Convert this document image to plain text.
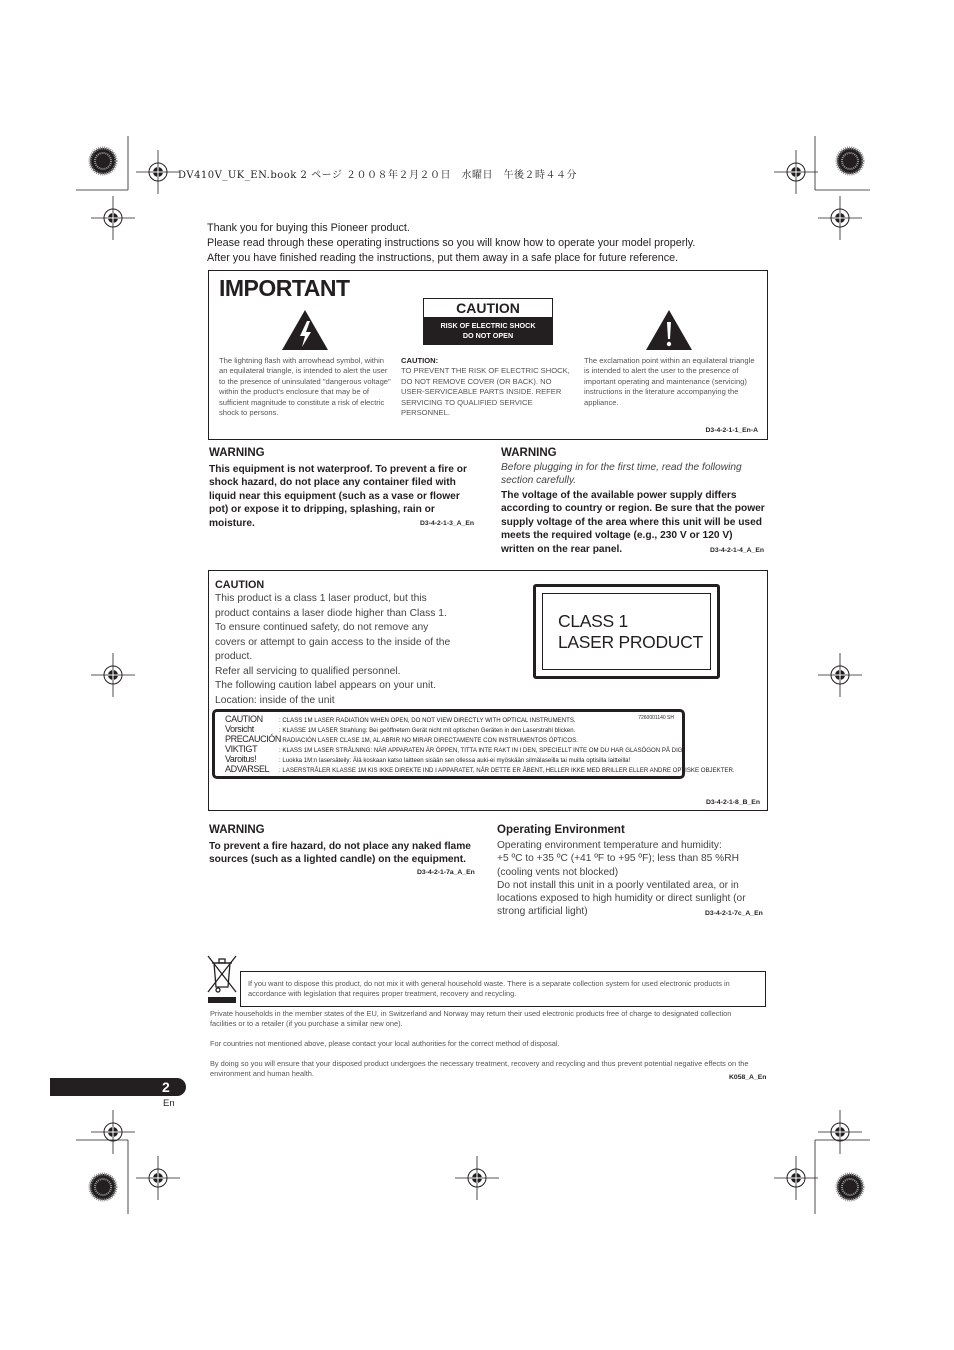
DV410V_UK_EN.book 2 ページ ２００８年２月２０日　水曜日　午後２時４４分
Thank you for buying this Pioneer product.
Please read through these operating instructions so you will know how to operate your model properly.
After you have finished reading the instructions, put them away in a safe place for future reference.
IMPORTANT
CAUTION
RISK OF ELECTRIC SHOCK
DO NOT OPEN
The lightning flash with arrowhead symbol, within an equilateral triangle, is intended to alert the user to the presence of uninsulated "dangerous voltage" within the product's enclosure that may be of sufficient magnitude to constitute a risk of electric shock to persons.
CAUTION:
TO PREVENT THE RISK OF ELECTRIC SHOCK, DO NOT REMOVE COVER (OR BACK). NO USER-SERVICEABLE PARTS INSIDE. REFER SERVICING TO QUALIFIED SERVICE PERSONNEL.
The exclamation point within an equilateral triangle is intended to alert the user to the presence of important operating and maintenance (servicing) instructions in the literature accompanying the appliance.
D3-4-2-1-1_En-A
WARNING
This equipment is not waterproof. To prevent a fire or shock hazard, do not place any container filed with liquid near this equipment (such as a vase or flower pot) or expose it to dripping, splashing, rain or moisture.	D3-4-2-1-3_A_En
WARNING
Before plugging in for the first time, read the following section carefully.
The voltage of the available power supply differs according to country or region. Be sure that the power supply voltage of the area where this unit will be used meets the required voltage (e.g., 230 V or 120 V) written on the rear panel.	D3-4-2-1-4_A_En
CAUTION
This product is a class 1 laser product, but this
product contains a laser diode higher than Class 1.
To ensure continued safety, do not remove any
covers or attempt to gain access to the inside of the
product.
Refer all servicing to qualified personnel.
The following caution label appears on your unit.
Location: inside of the unit
CLASS 1
LASER PRODUCT
7260001140 SH
CAUTION	: CLASS 1M LASER RADIATION WHEN OPEN, DO NOT VIEW DIRECTLY WITH OPTICAL INSTRUMENTS.
Vorsicht	: KLASSE 1M LASER Strahlung: Bei geöffnetem Gerät nicht mit optischen Geräten in den Laserstrahl blicken.
PRECAUCIÓN: RADIACIÓN LASER CLASE 1M, AL ABRIR NO MIRAR DIRECTAMENTE CON INSTRUMENTOS ÓPTICOS.
VIKTIGT	: KLASS 1M LASER STRÅLNING: NÄR APPARATEN ÄR ÖPPEN, TITTA INTE RAKT IN I DEN, SPECIELLT INTE OM DU HAR GLASÖGON PÅ DIG.
Varoitus!	: Luokka 1M:n lasersäteily: Älä koskaan katso laitteen sisään sen ollessa auki-ei myöskään silmälaseilla tai muilla optisilla laitteilla!
ADVARSEL : LASERSTRÅLER KLASSE 1M KIS IKKE DIREKTE IND I APPARATET, NÅR DETTE ER ÅBENT, HELLER IKKE MED BRILLER ELLER ANDRE OPTISKE OBJEKTER.
D3-4-2-1-8_B_En
WARNING
To prevent a fire hazard, do not place any naked flame sources (such as a lighted candle) on the equipment.
D3-4-2-1-7a_A_En
Operating Environment
Operating environment temperature and humidity:
+5 ºC to +35 ºC (+41 ºF to +95 ºF); less than 85 %RH
(cooling vents not blocked)
Do not install this unit in a poorly ventilated area, or in
locations exposed to high humidity or direct sunlight (or
strong artificial light)	D3-4-2-1-7c_A_En
If you want to dispose this product, do not mix it with general household waste. There is a separate collection system for used electronic products in accordance with legislation that requires proper treatment, recovery and recycling.
Private households in the member states of the EU, in Switzerland and Norway may return their used electronic products free of charge to designated collection facilities or to a retailer (if you purchase a similar new one).
For countries not mentioned above, please contact your local authorities for the correct method of disposal.
By doing so you will ensure that your disposed product undergoes the necessary treatment, recovery and recycling and thus prevent potential negative effects on the environment and human health.	K058_A_En
2
En
